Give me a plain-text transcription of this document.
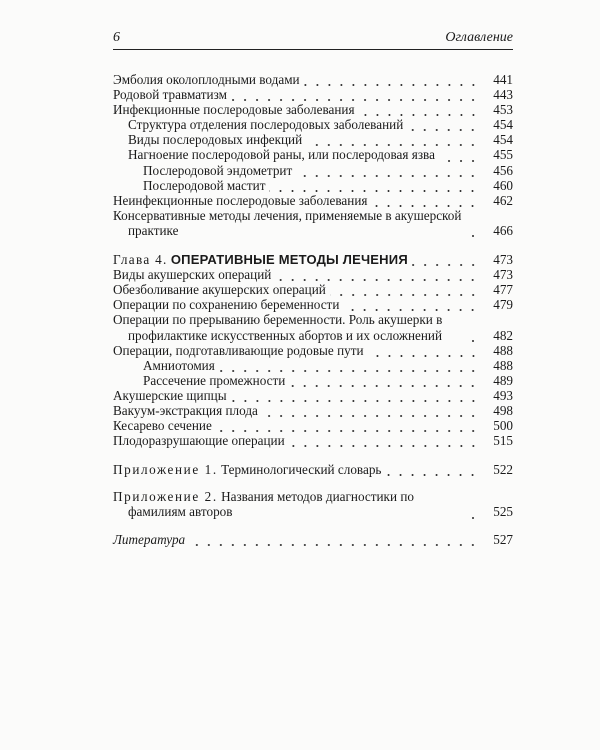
6	Оглавление
Эмболия околоплодными водами	441
Родовой травматизм	443
Инфекционные послеродовые заболевания	453
Структура отделения послеродовых заболеваний	454
Виды послеродовых инфекций	454
Нагноение послеродовой раны, или послеродовая язва	455
Послеродовой эндометрит	456
Послеродовой мастит	460
Неинфекционные послеродовые заболевания	462
Консервативные методы лечения, применяемые в акушерской практике	466
Глава 4. ОПЕРАТИВНЫЕ МЕТОДЫ ЛЕЧЕНИЯ	473
Виды акушерских операций	473
Обезболивание акушерских операций	477
Операции по сохранению беременности	479
Операции по прерыванию беременности. Роль акушерки в профилактике искусственных абортов и их осложнений	482
Операции, подготавливающие родовые пути	488
Амниотомия	488
Рассечение промежности	489
Акушерские щипцы	493
Вакуум-экстракция плода	498
Кесарево сечение	500
Плодоразрушающие операции	515
Приложение 1. Терминологический словарь	522
Приложение 2. Названия методов диагностики по фамилиям авторов	525
Литература	527
